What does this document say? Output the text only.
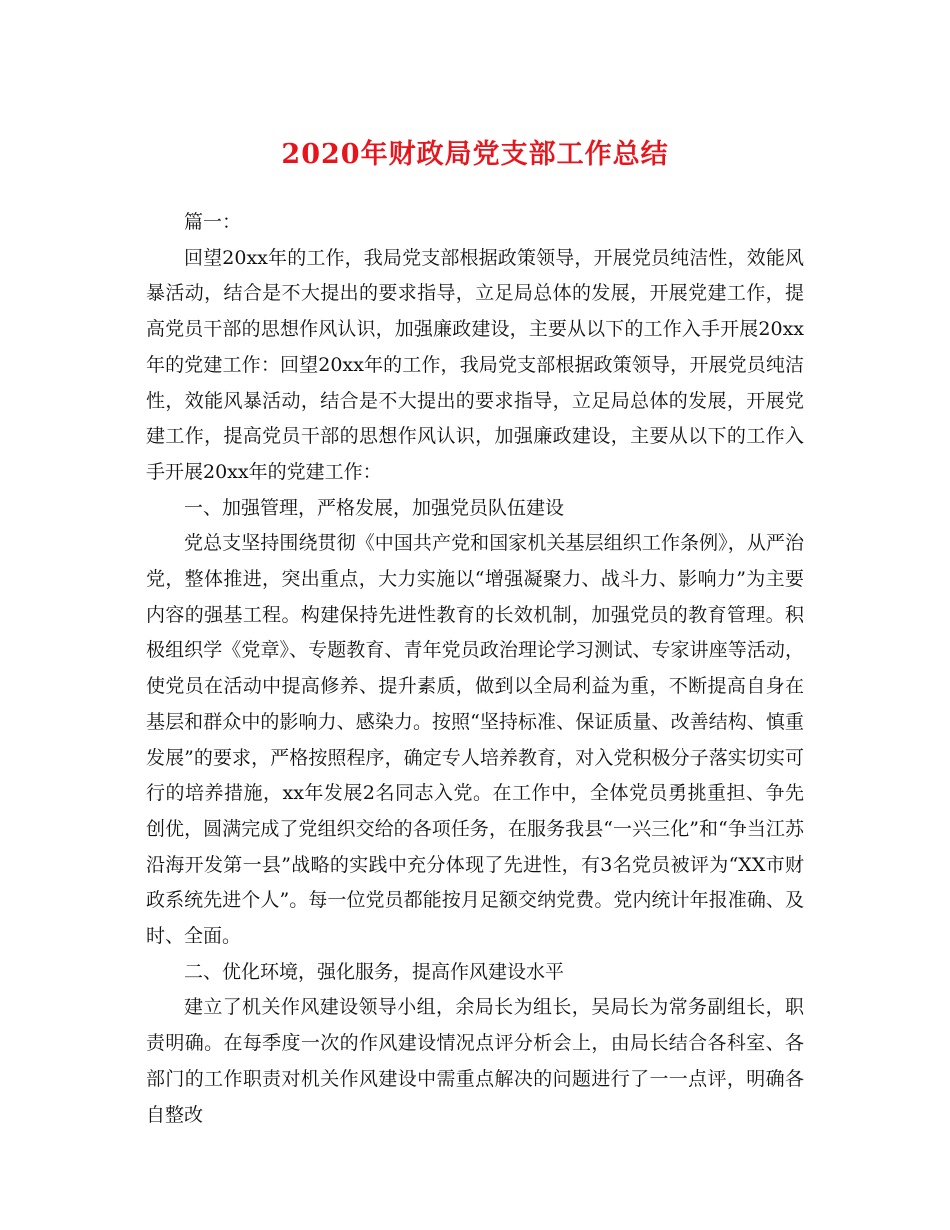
2020年财政局党支部工作总结

篇一：

回望20xx年的工作，我局党支部根据政策领导，开展党员纯洁性，效能风暴活动，结合是不大提出的要求指导，立足局总体的发展，开展党建工作，提高党员干部的思想作风认识，加强廉政建设，主要从以下的工作入手开展20xx年的党建工作：回望20xx年的工作，我局党支部根据政策领导，开展党员纯洁性，效能风暴活动，结合是不大提出的要求指导，立足局总体的发展，开展党建工作，提高党员干部的思想作风认识，加强廉政建设，主要从以下的工作入手开展20xx年的党建工作：

一、加强管理，严格发展，加强党员队伍建设

党总支坚持围绕贯彻《中国共产党和国家机关基层组织工作条例》，从严治党，整体推进，突出重点，大力实施以“增强凝聚力、战斗力、影响力”为主要内容的强基工程。构建保持先进性教育的长效机制，加强党员的教育管理。积极组织学《党章》、专题教育、青年党员政治理论学习测试、专家讲座等活动，使党员在活动中提高修养、提升素质，做到以全局利益为重，不断提高自身在基层和群众中的影响力、感染力。按照“坚持标准、保证质量、改善结构、慎重发展”的要求，严格按照程序，确定专人培养教育，对入党积极分子落实切实可行的培养措施，xx年发展2名同志入党。在工作中，全体党员勇挑重担、争先创优，圆满完成了党组织交给的各项任务，在服务我县“一兴三化”和“争当江苏沿海开发第一县”战略的实践中充分体现了先进性，有3名党员被评为“XX市财政系统先进个人”。每一位党员都能按月足额交纳党费。党内统计年报准确、及时、全面。

二、优化环境，强化服务，提高作风建设水平

建立了机关作风建设领导小组，余局长为组长，吴局长为常务副组长，职责明确。在每季度一次的作风建设情况点评分析会上，由局长结合各科室、各部门的工作职责对机关作风建设中需重点解决的问题进行了一一点评，明确各自整改
